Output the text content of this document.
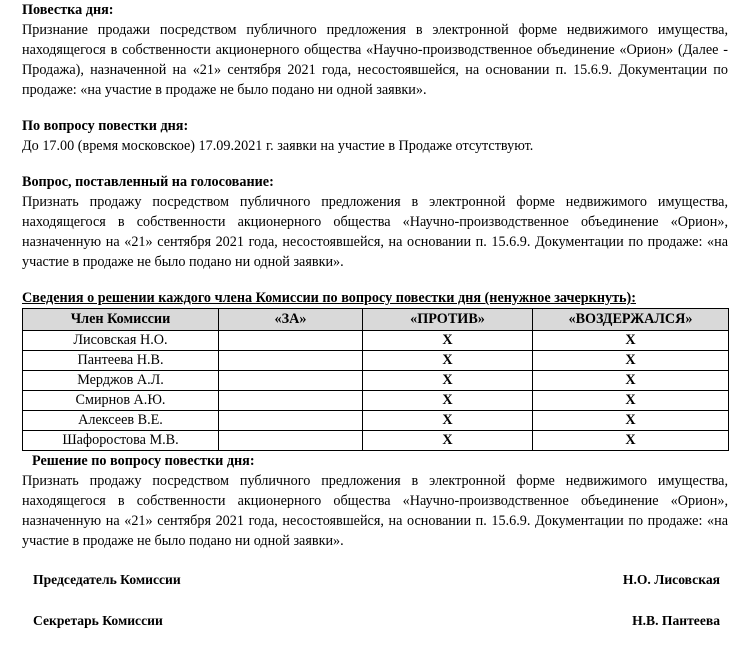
Повестка дня:

Признание продажи посредством публичного предложения в электронной форме недвижимого имущества, находящегося в собственности акционерного общества «Научно-производственное объединение «Орион» (Далее - Продажа), назначенной на «21» сентября 2021 года, несостоявшейся, на основании п. 15.6.9. Документации по продаже: «на участие в продаже не было подано ни одной заявки».

По вопросу повестки дня:

До 17.00 (время московское) 17.09.2021 г. заявки на участие в Продаже отсутствуют.

Вопрос, поставленный на голосование:

Признать продажу посредством публичного предложения в электронной форме недвижимого имущества, находящегося в собственности акционерного общества «Научно-производственное объединение «Орион», назначенную на «21» сентября 2021 года, несостоявшейся, на основании п. 15.6.9. Документации по продаже: «на участие в продаже не было подано ни одной заявки».

Сведения о решении каждого члена Комиссии по вопросу повестки дня (ненужное зачеркнуть):

Член Комиссии	«ЗА»	«ПРОТИВ»	«ВОЗДЕРЖАЛСЯ»
Лисовская Н.О.		X	X
Пантеева Н.В.		X	X
Мерджов А.Л.		X	X
Смирнов А.Ю.		X	X
Алексеев В.Е.		X	X
Шафоростова М.В.		X	X

Решение по вопросу повестки дня:

Признать продажу посредством публичного предложения в электронной форме недвижимого имущества, находящегося в собственности акционерного общества «Научно-производственное объединение «Орион», назначенную на «21» сентября 2021 года, несостоявшейся, на основании п. 15.6.9. Документации по продаже: «на участие в продаже не было подано ни одной заявки».

Председатель Комиссии	Н.О. Лисовская
Секретарь Комиссии	Н.В. Пантеева
